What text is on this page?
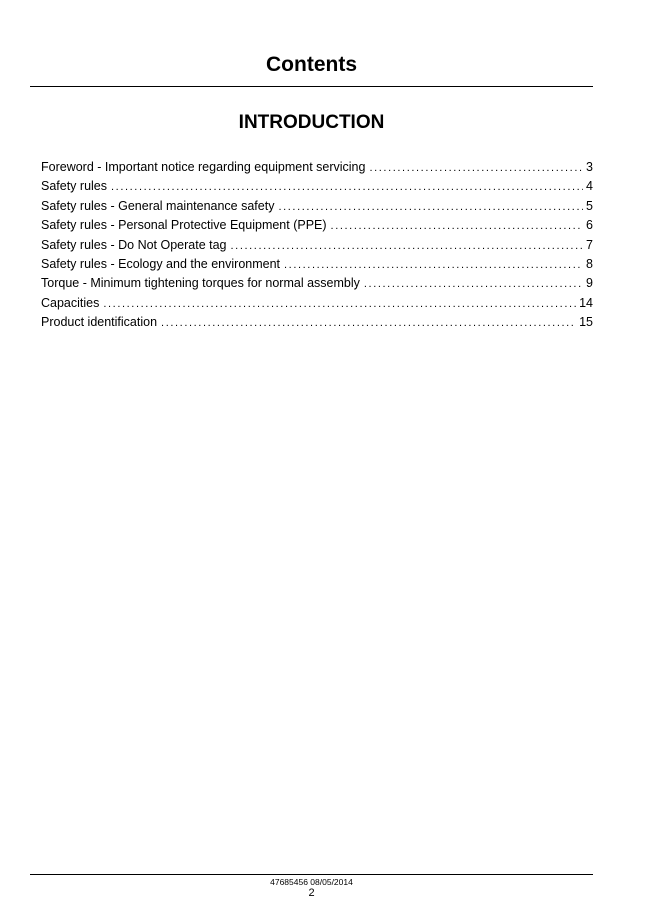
Contents
INTRODUCTION
Foreword - Important notice regarding equipment servicing .....	3
Safety rules .....	4
Safety rules - General maintenance safety .....	5
Safety rules - Personal Protective Equipment (PPE) .....	6
Safety rules - Do Not Operate tag .....	7
Safety rules - Ecology and the environment .....	8
Torque - Minimum tightening torques for normal assembly .....	9
Capacities .....	14
Product identification .....	15
47685456 08/05/2014
2
